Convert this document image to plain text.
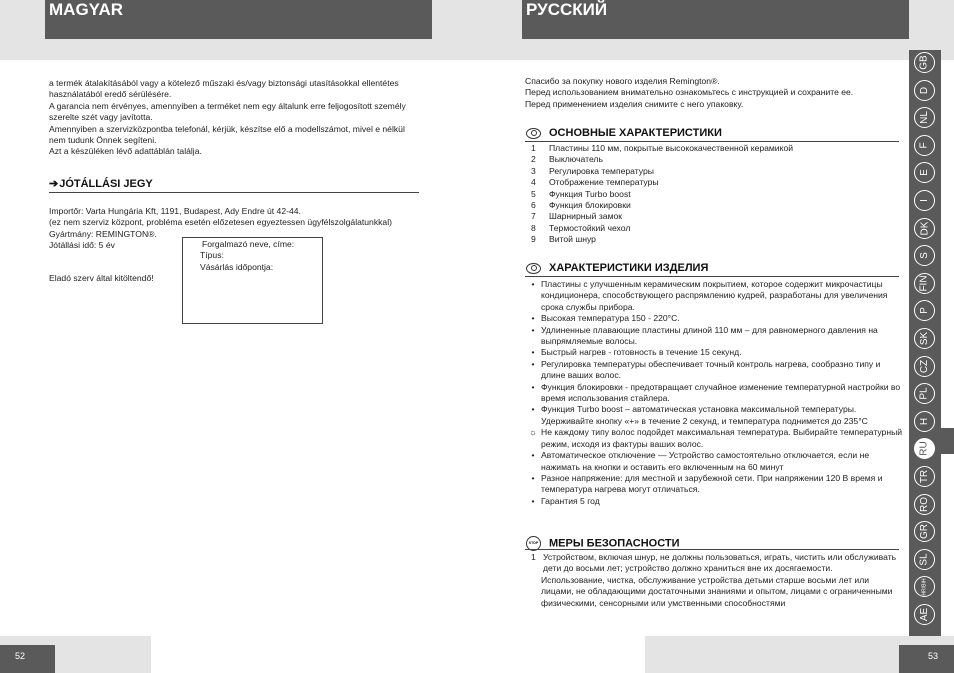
MAGYAR	РУССКИЙ
52	53

a termék átalakításából vagy a kötelező műszaki és/vagy biztonsági utasításokkal ellentétes használatából eredő sérülésére.

A garancia nem érvényes, amennyiben a terméket nem egy általunk erre feljogosított személy szerelte szét vagy javította.

Amennyiben a szervizközpontba telefonál, kérjük, készítse elő a modellszámot, mivel e nélkül nem tudunk Önnek segíteni.

Azt a készüléken lévő adattáblán találja.

➔JÓTÁLLÁSI JEGY

Importőr: Varta Hungária Kft, 1191, Budapest, Ady Endre út 42-44.

(ez nem szerviz központ, probléma esetén előzetesen egyeztessen ügyfélszolgálatunkkal)

Gyártmány: REMINGTON®.

Jótállási idő: 5 év

Eladó szerv által kitöltendő!

Forgalmazó neve, címe:

Típus:

Vásárlás időpontja:

Спасибо за покупку нового изделия Remington®.

Перед использованием внимательно ознакомьтесь с инструкцией и сохраните ее.

Перед применением изделия снимите с него упаковку.

ОСНОВНЫЕ ХАРАКТЕРИСТИКИ
1	Пластины 110 мм, покрытые высококачественной керамикой
2	Выключатель
3	Регулировка температуры
4	Отображение температуры
5	Функция Turbo boost
6	Функция блокировки
7	Шарнирный замок
8	Термостойкий чехол
9	Витой шнур
ХАРАКТЕРИСТИКИ ИЗДЕЛИЯ
• Пластины с улучшенным керамическим покрытием, которое содержит микрочастицы кондиционера, способствующего распрямлению кудрей, разработаны для увеличения срока службы прибора.
• Высокая температура 150 - 220°C.
• Удлиненные плавающие пластины длиной 110 мм – для равномерного давления на выпрямляемые волосы.
• Быстрый нагрев - готовность в течение 15 секунд.
• Регулировка температуры обеспечивает точный контроль нагрева, сообразно типу и длине ваших волос.
• Функция блокировки - предотвращает случайное изменение температурной настройки во время использования стайлера.
• Функция Turbo boost – автоматическая установка максимальной температуры. Удерживайте кнопку «+» в течение 2 секунд, и температура поднимется до 235°C
☼ Не каждому типу волос подойдет максимальная температура. Выбирайте температурный режим, исходя из фактуры ваших волос.
• Автоматическое отключение — Устройство самостоятельно отключается, если не нажимать на кнопки и оставить его включенным на 60 минут
• Разное напряжение: для местной и зарубежной сети. При напряжении 120 В время и температура нагрева могут отличаться.
• Гарантия 5 год
STOP МЕРЫ БЕЗОПАСНОСТИ
1 Устройством, включая шнур, не должны пользоваться, играть, чистить или обслуживать дети до восьми лет; устройство должно храниться вне их досягаемости.

Использование, чистка, обслуживание устройства детьми старше восьми лет или лицами, не обладающими достаточными знаниями и опытом, лицами с ограниченными физическими, сенсорными или умственными способностями

GB
D
NL
F
E
I
DK
S
FIN
P
SK
CZ
PL
H
RU
TR
RO
GR
SL
HR/BIH
AE
